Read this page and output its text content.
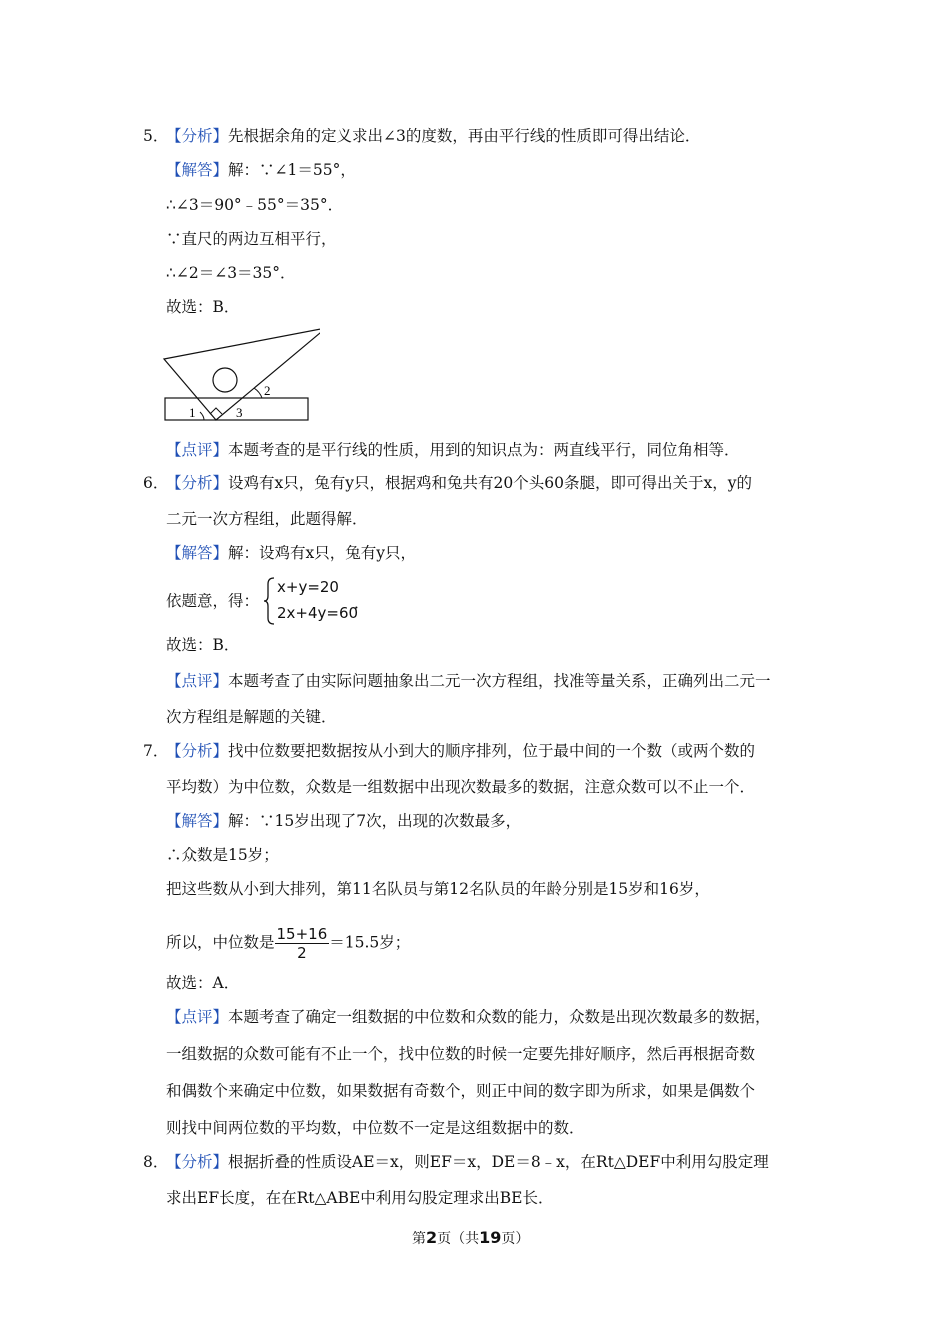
5．
【分析】先根据余角的定义求出∠3的度数，再由平行线的性质即可得出结论．
【解答】解：∵∠1＝55°，
∴∠3＝90°﹣55°＝35°．
∵直尺的两边互相平行，
∴∠2＝∠3＝35°．
故选：B．
1	3
2
【点评】本题考查的是平行线的性质，用到的知识点为：两直线平行，同位角相等．
6．
【分析】设鸡有x只，兔有y只，根据鸡和兔共有20个头60条腿，即可得出关于x，y的
二元一次方程组，此题得解．
【解答】解：设鸡有x只，兔有y只，
依题意，得：
x+y=20
2x+4y=60
．
故选：B．
【点评】本题考查了由实际问题抽象出二元一次方程组，找准等量关系，正确列出二元一
次方程组是解题的关键．
7．
【分析】找中位数要把数据按从小到大的顺序排列，位于最中间的一个数（或两个数的
平均数）为中位数，众数是一组数据中出现次数最多的数据，注意众数可以不止一个．
【解答】解：∵15岁出现了7次，出现的次数最多，
∴众数是15岁；
把这些数从小到大排列，第11名队员与第12名队员的年龄分别是15岁和16岁，
所以，中位数是 $\frac{15+16}{2} =15.5$岁；
故选：A．
【点评】本题考查了确定一组数据的中位数和众数的能力，众数是出现次数最多的数据，
一组数据的众数可能有不止一个，找中位数的时候一定要先排好顺序，然后再根据奇数
和偶数个来确定中位数，如果数据有奇数个，则正中间的数字即为所求，如果是偶数个
则找中间两位数的平均数，中位数不一定是这组数据中的数．
8．
【分析】根据折叠的性质设AE＝x，则EF＝x，DE＝8﹣x，在Rt△DEF中利用勾股定理
求出EF长度，在在Rt△ABE中利用勾股定理求出BE长．
第2页（共19页）
